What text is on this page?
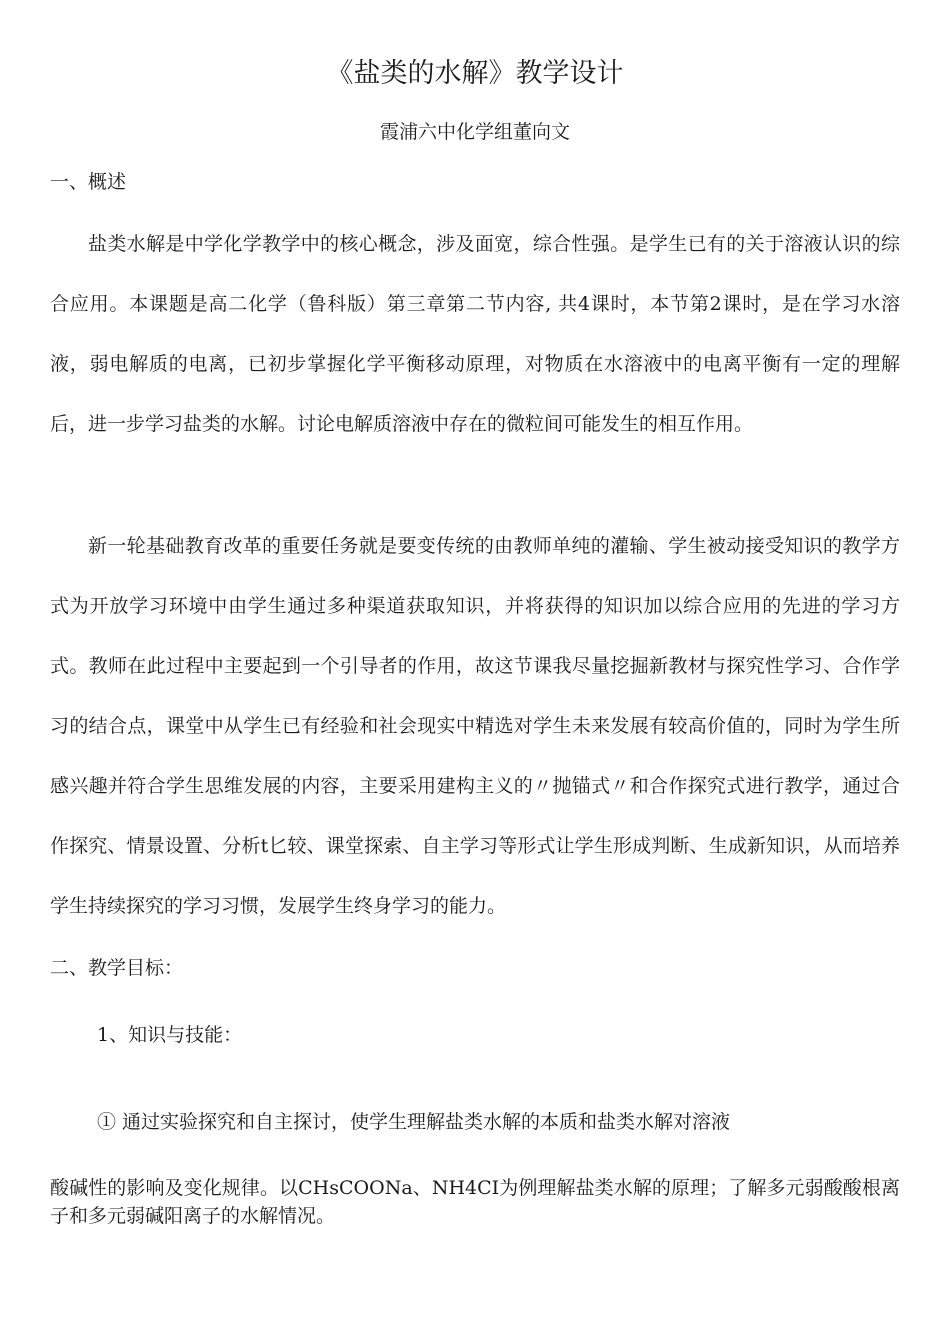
《盐类的水解》教学设计
霞浦六中化学组董向文
一、概述

盐类水解是中学化学教学中的核心概念，涉及面宽，综合性强。是学生已有的关于溶液认识的综合应用。本课题是高二化学（鲁科版）第三章第二节内容, 共4课时，本节第2课时，是在学习水溶液，弱电解质的电离，已初步掌握化学平衡移动原理，对物质在水溶液中的电离平衡有一定的理解后，进一步学习盐类的水解。讨论电解质溶液中存在的微粒间可能发生的相互作用。

新一轮基础教育改革的重要任务就是要变传统的由教师单纯的灌输、学生被动接受知识的教学方式为开放学习环境中由学生通过多种渠道获取知识，并将获得的知识加以综合应用的先进的学习方式。教师在此过程中主要起到一个引导者的作用，故这节课我尽量挖掘新教材与探究性学习、合作学习的结合点，课堂中从学生已有经验和社会现实中精选对学生未来发展有较高价值的，同时为学生所感兴趣并符合学生思维发展的内容，主要采用建构主义的〃抛锚式〃和合作探究式进行教学，通过合作探究、情景设置、分析t匕较、课堂探索、自主学习等形式让学生形成判断、生成新知识，从而培养学生持续探究的学习习惯，发展学生终身学习的能力。

二、教学目标：
1、知识与技能：
① 通过实验探究和自主探讨，使学生理解盐类水解的本质和盐类水解对溶液

酸碱性的影响及变化规律。以CHsCOONa、NH4CI为例理解盐类水解的原理；了解多元弱酸酸根离子和多元弱碱阳离子的水解情况。
